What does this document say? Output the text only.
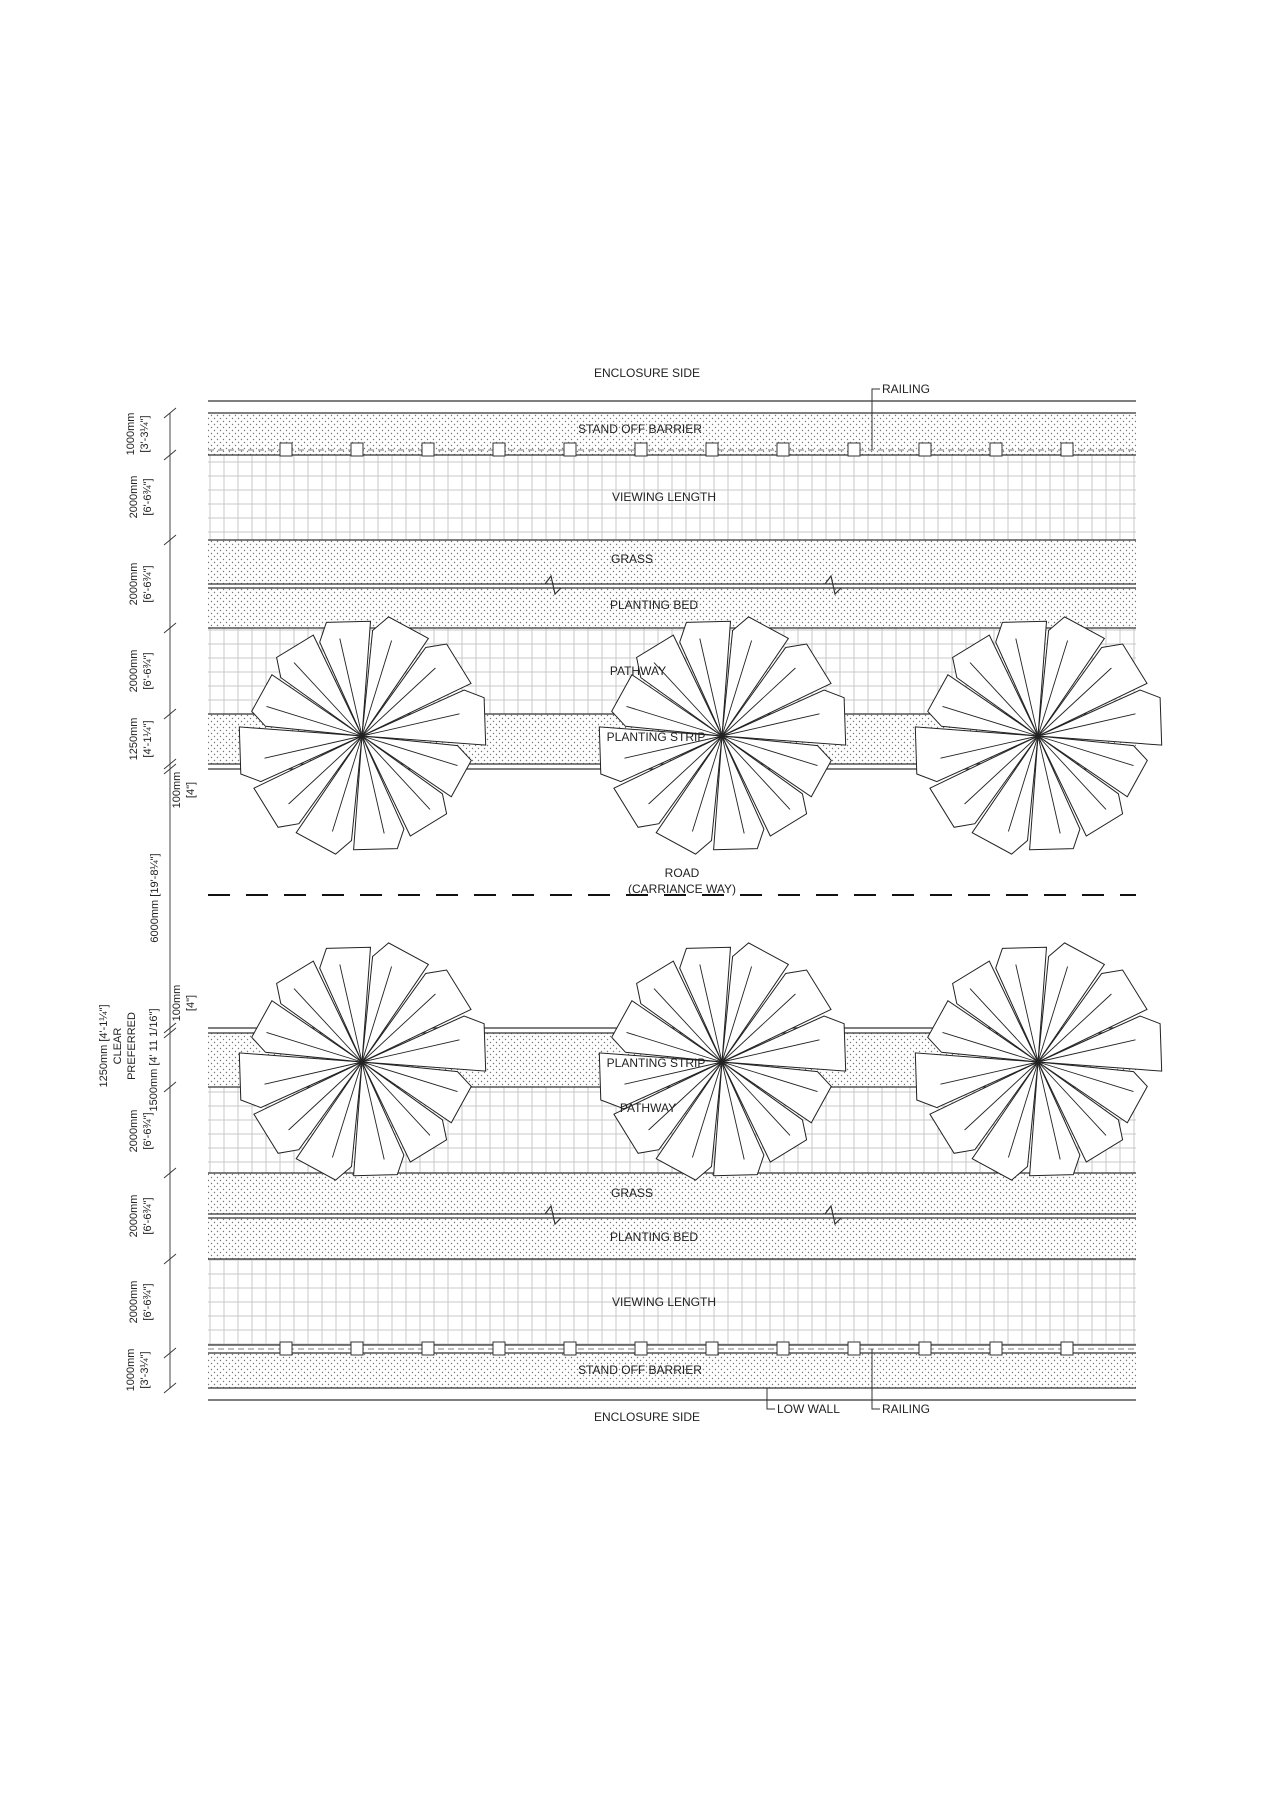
ENCLOSURE SIDE
STAND OFF BARRIER
VIEWING LENGTH
GRASS
PLANTING BED
PATHWAY
PLANTING STRIP
ROAD
(CARRIANCE WAY)
PLANTING STRIP
PATHWAY
GRASS
PLANTING BED
VIEWING LENGTH
STAND OFF BARRIER
ENCLOSURE SIDE
RAILING
RAILING
LOW WALL
1000mm [3'-3¼"]
2000mm [6'-6¾"]
2000mm [6'-6¾"]
2000mm [6'-6¾"]
1250mm [4'-1¼"]
100mm [4"]
6000mm [19'-8¼"]
100mm [4"]
1500mm [4' 11 1/16"]
1250mm [4'-1¼"] CLEAR PREFERRED
2000mm [6'-6¾"]
2000mm [6'-6¾"]
2000mm [6'-6¾"]
1000mm [3'-3¼"]
